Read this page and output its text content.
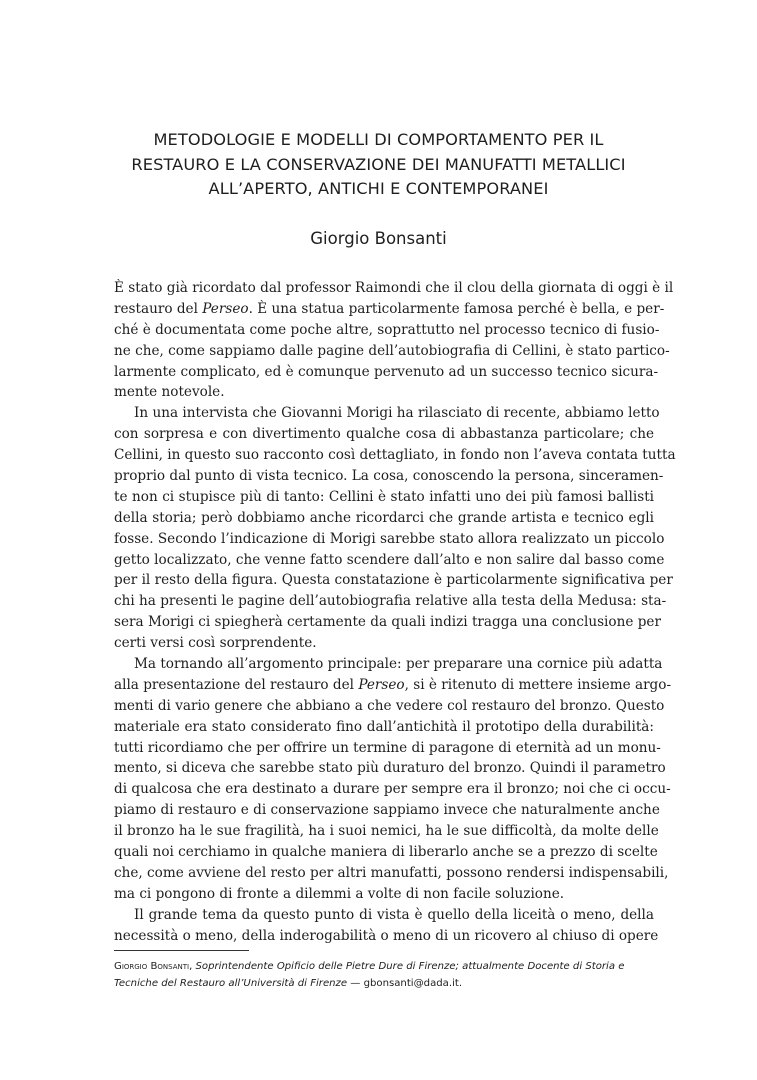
METODOLOGIE E MODELLI DI COMPORTAMENTO PER IL
RESTAURO E LA CONSERVAZIONE DEI MANUFATTI METALLICI
ALL’APERTO, ANTICHI E CONTEMPORANEI
Giorgio Bonsanti
È stato già ricordato dal professor Raimondi che il clou della giornata di oggi è il
restauro del Perseo. È una statua particolarmente famosa perché è bella, e per-
ché è documentata come poche altre, soprattutto nel processo tecnico di fusio-
ne che, come sappiamo dalle pagine dell’autobiografia di Cellini, è stato partico-
larmente complicato, ed è comunque pervenuto ad un successo tecnico sicura-
mente notevole.
In una intervista che Giovanni Morigi ha rilasciato di recente, abbiamo letto
con sorpresa e con divertimento qualche cosa di abbastanza particolare; che
Cellini, in questo suo racconto così dettagliato, in fondo non l’aveva contata tutta
proprio dal punto di vista tecnico. La cosa, conoscendo la persona, sinceramen-
te non ci stupisce più di tanto: Cellini è stato infatti uno dei più famosi ballisti
della storia; però dobbiamo anche ricordarci che grande artista e tecnico egli
fosse. Secondo l’indicazione di Morigi sarebbe stato allora realizzato un piccolo
getto localizzato, che venne fatto scendere dall’alto e non salire dal basso come
per il resto della figura. Questa constatazione è particolarmente significativa per
chi ha presenti le pagine dell’autobiografia relative alla testa della Medusa: sta-
sera Morigi ci spiegherà certamente da quali indizi tragga una conclusione per
certi versi così sorprendente.
Ma tornando all’argomento principale: per preparare una cornice più adatta
alla presentazione del restauro del Perseo, si è ritenuto di mettere insieme argo-
menti di vario genere che abbiano a che vedere col restauro del bronzo. Questo
materiale era stato considerato fino dall’antichità il prototipo della durabilità:
tutti ricordiamo che per offrire un termine di paragone di eternità ad un monu-
mento, si diceva che sarebbe stato più duraturo del bronzo. Quindi il parametro
di qualcosa che era destinato a durare per sempre era il bronzo; noi che ci occu-
piamo di restauro e di conservazione sappiamo invece che naturalmente anche
il bronzo ha le sue fragilità, ha i suoi nemici, ha le sue difficoltà, da molte delle
quali noi cerchiamo in qualche maniera di liberarlo anche se a prezzo di scelte
che, come avviene del resto per altri manufatti, possono rendersi indispensabili,
ma ci pongono di fronte a dilemmi a volte di non facile soluzione.
Il grande tema da questo punto di vista è quello della liceità o meno, della
necessità o meno, della inderogabilità o meno di un ricovero al chiuso di opere
Giorgio Bonsanti, Soprintendente Opificio delle Pietre Dure di Firenze; attualmente Docente di Storia e
Tecniche del Restauro all’Università di Firenze — gbonsanti@dada.it.
